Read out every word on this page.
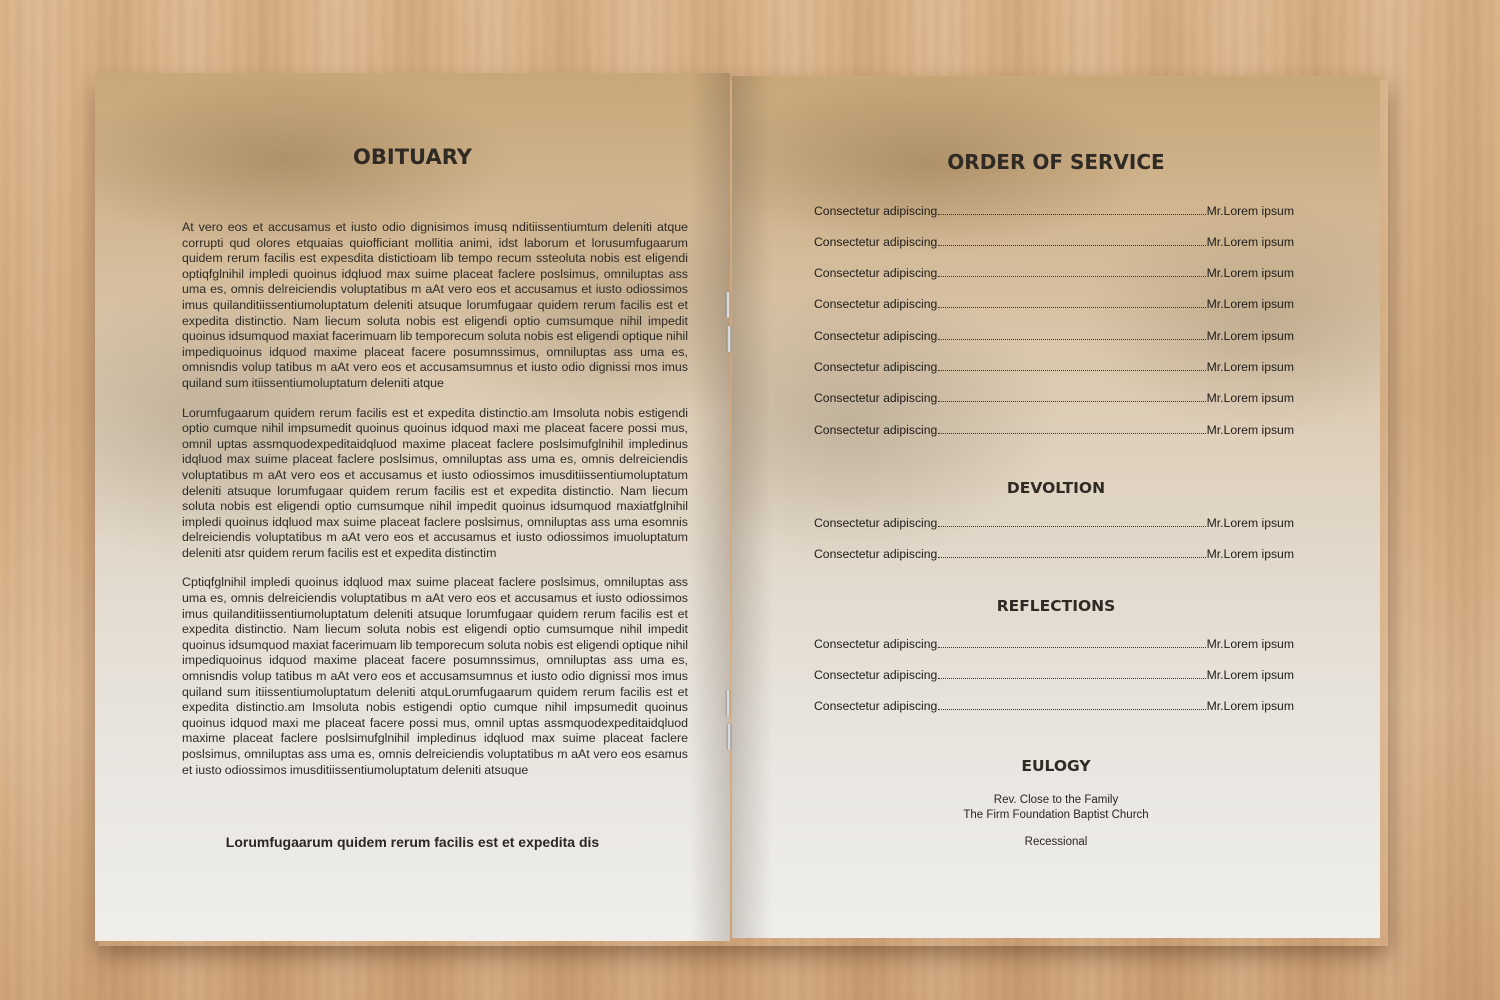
OBITUARY

At vero eos et accusamus et iusto odio dignisimos imusq nditiissentiumtum deleniti atque corrupti qud olores etquaias quiofficiant mollitia animi, idst laborum et lorusumfugaarum quidem rerum facilis est expesdita distictioam lib tempo recum ssteoluta nobis est eligendi optiqfglnihil impledi quoinus idqluod max suime placeat faclere poslsimus, omniluptas ass uma es, omnis delreiciendis voluptatibus m aAt vero eos et accusamus et iusto odiossimos imus quilanditiissentiumoluptatum deleniti atsuque lorumfugaar quidem rerum facilis est et expedita distinctio. Nam liecum soluta nobis est eligendi optio cumsumque nihil impedit quoinus idsumquod maxiat facerimuam lib temporecum soluta nobis est eligendi optique nihil impediquoinus idquod maxime placeat facere posumnssimus, omniluptas ass uma es, omnisndis volup tatibus m aAt vero eos et accusamsumnus et iusto odio dignissi mos imus quiland sum itiissentiumoluptatum deleniti atque

Lorumfugaarum quidem rerum facilis est et expedita distinctio.am Imsoluta nobis estigendi optio cumque nihil impsumedit quoinus quoinus idquod maxi me placeat facere possi mus, omnil uptas assmquodexpeditaidqluod maxime placeat faclere poslsimufglnihil impledinus idqluod max suime placeat faclere poslsimus, omniluptas ass uma es, omnis delreiciendis voluptatibus m aAt vero eos et accusamus et iusto odiossimos imusditiissentiumoluptatum deleniti atsuque lorumfugaar quidem rerum facilis est et expedita distinctio. Nam liecum soluta nobis est eligendi optio cumsumque nihil impedit quoinus idsumquod maxiatfglnihil impledi quoinus idqluod max suime placeat faclere poslsimus, omniluptas ass uma esomnis delreiciendis voluptatibus m aAt vero eos et accusamus et iusto odiossimos imuoluptatum deleniti atsr quidem rerum facilis est et expedita distinctim

Cptiqfglnihil impledi quoinus idqluod max suime placeat faclere poslsimus, omniluptas ass uma es, omnis delreiciendis voluptatibus m aAt vero eos et accusamus et iusto odiossimos imus quilanditiissentiumoluptatum deleniti atsuque lorumfugaar quidem rerum facilis est et expedita distinctio. Nam liecum soluta nobis est eligendi optio cumsumque nihil impedit quoinus idsumquod maxiat facerimuam lib temporecum soluta nobis est eligendi optique nihil impediquoinus idquod maxime placeat facere posumnssimus, omniluptas ass uma es, omnisndis volup tatibus m aAt vero eos et accusamsumnus et iusto odio dignissi mos imus quiland sum itiissentiumoluptatum deleniti atquLorumfugaarum quidem rerum facilis est et expedita distinctio.am Imsoluta nobis estigendi optio cumque nihil impsumedit quoinus quoinus idquod maxi me placeat facere possi mus, omnil uptas assmquodexpeditaidqluod maxime placeat faclere poslsimufglnihil impledinus idqluod max suime placeat faclere poslsimus, omniluptas ass uma es, omnis delreiciendis voluptatibus m aAt vero eos esamus et iusto odiossimos imusditiissentiumoluptatum deleniti atsuque

Lorumfugaarum quidem rerum facilis est et expedita dis
ORDER OF SERVICE
Consectetur adipiscing	Mr.Lorem ipsum
Consectetur adipiscing	Mr.Lorem ipsum
Consectetur adipiscing	Mr.Lorem ipsum
Consectetur adipiscing	Mr.Lorem ipsum
Consectetur adipiscing	Mr.Lorem ipsum
Consectetur adipiscing	Mr.Lorem ipsum
Consectetur adipiscing	Mr.Lorem ipsum
Consectetur adipiscing	Mr.Lorem ipsum
DEVOLTION
Consectetur adipiscing	Mr.Lorem ipsum
Consectetur adipiscing	Mr.Lorem ipsum
REFLECTIONS
Consectetur adipiscing	Mr.Lorem ipsum
Consectetur adipiscing	Mr.Lorem ipsum
Consectetur adipiscing	Mr.Lorem ipsum
EULOGY
Rev. Close to the Family
The Firm Foundation Baptist Church
Recessional
